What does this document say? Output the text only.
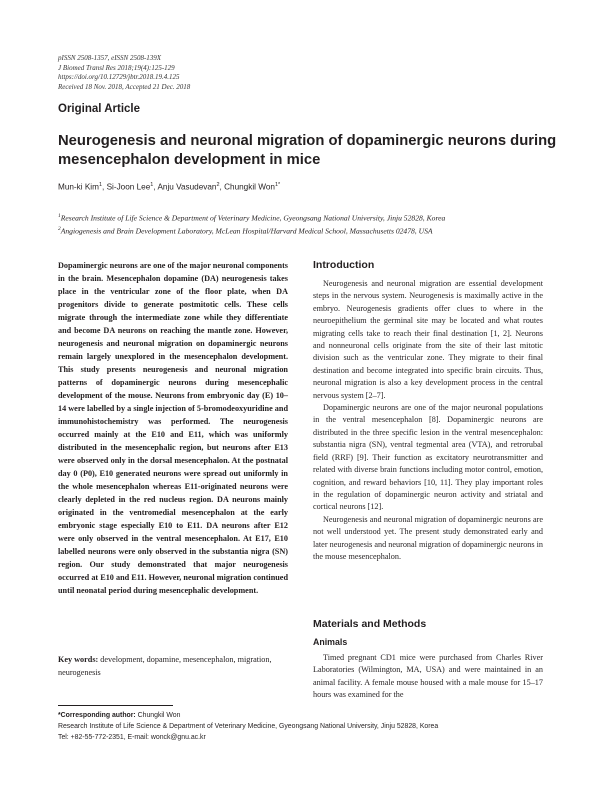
pISSN 2508-1357, eISSN 2508-139X
J Biomed Transl Res 2018;19(4):125-129
https://doi.org/10.12729/jbtr.2018.19.4.125
Received 18 Nov. 2018, Accepted 21 Dec. 2018
Original Article
Neurogenesis and neuronal migration of dopaminergic neurons during mesencephalon development in mice
Mun-ki Kim$^1$, Si-Joon Lee$^1$, Anju Vasudevan$^2$, Chungkil Won$^{1*}$
$^1$Research Institute of Life Science & Department of Veterinary Medicine, Gyeongsang National University, Jinju 52828, Korea
$^2$Angiogenesis and Brain Development Laboratory, McLean Hospital/Harvard Medical School, Massachusetts 02478, USA
Dopaminergic neurons are one of the major neuronal components in the brain. Mesencephalon dopamine (DA) neurogenesis takes place in the ventricular zone of the floor plate, when DA progenitors divide to generate postmitotic cells. These cells migrate through the intermediate zone while they differentiate and become DA neurons on reaching the mantle zone. However, neurogenesis and neuronal migration on dopaminergic neurons remain largely unexplored in the mesencephalon development. This study presents neurogenesis and neuronal migration patterns of dopaminergic neurons during mesencephalic development of the mouse. Neurons from embryonic day (E) 10–14 were labelled by a single injection of 5-bromodeoxyuridine and immunohistochemistry was performed. The neurogenesis occurred mainly at the E10 and E11, which was uniformly distributed in the mesencephalic region, but neurons after E13 were observed only in the dorsal mesencephalon. At the postnatal day 0 (P0), E10 generated neurons were spread out uniformly in the whole mesencephalon whereas E11-originated neurons were clearly depleted in the red nucleus region. DA neurons mainly originated in the ventromedial mesencephalon at the early embryonic stage especially E10 to E11. DA neurons after E12 were only observed in the ventral mesencephalon. At E17, E10 labelled neurons were only observed in the substantia nigra (SN) region. Our study demonstrated that major neurogenesis occurred at E10 and E11. However, neuronal migration continued until neonatal period during mesencephalic development.
Key words: development, dopamine, mesencephalon, migration, neurogenesis
Introduction

Neurogenesis and neuronal migration are essential development steps in the nervous system. Neurogenesis is maximally active in the embryo. Neurogenesis gradients offer clues to where in the neuroepithelium the germinal site may be located and what routes migrating cells take to reach their final destination [1, 2]. Neurons and nonneuronal cells originate from the site of their last mitotic division such as the ventricular zone. They migrate to their final destination and become integrated into specific brain circuits. Thus, neuronal migration is also a key development process in the central nervous system [2–7].

Dopaminergic neurons are one of the major neuronal populations in the ventral mesencephalon [8]. Dopaminergic neurons are distributed in the three specific lesion in the ventral mesencephalon: substantia nigra (SN), ventral tegmental area (VTA), and retrorubal field (RRF) [9]. Their function as excitatory neurotransmitter and related with diverse brain functions including motor control, emotion, cognition, and reward behaviors [10, 11]. They play important roles in the regulation of dopaminergic neuron activity and striatal and cortical neurons [12].

Neurogenesis and neuronal migration of dopaminergic neurons are not well understood yet. The present study demonstrated early and later neurogenesis and neuronal migration of dopaminergic neurons in the mouse mesencephalon.

Materials and Methods
Animals

Timed pregnant CD1 mice were purchased from Charles River Laboratories (Wilmington, MA, USA) and were maintained in an animal facility. A female mouse housed with a male mouse for 15–17 hours was examined for the

*Corresponding author: Chungkil Won
Research Institute of Life Science & Department of Veterinary Medicine, Gyeongsang National University, Jinju 52828, Korea
Tel: +82-55-772-2351, E-mail: wonck@gnu.ac.kr
